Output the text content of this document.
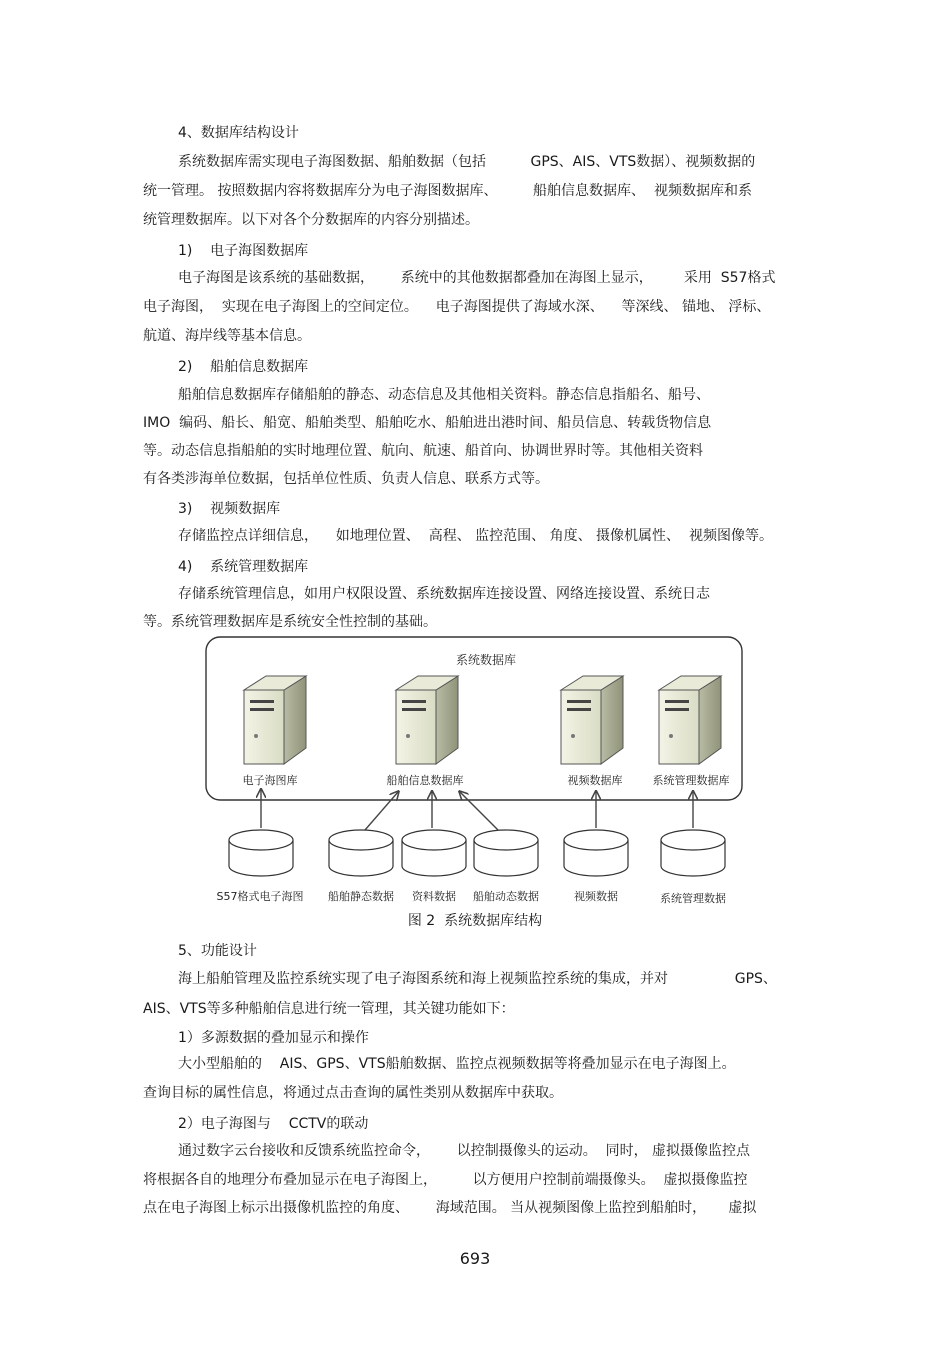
4、数据库结构设计
系统数据库需实现电子海图数据、船舶数据（包括          GPS、AIS、VTS数据）、视频数据的
统一管理。 按照数据内容将数据库分为电子海图数据库、        船舶信息数据库、  视频数据库和系
统管理数据库。以下对各个分数据库的内容分别描述。
1)    电子海图数据库
电子海图是该系统的基础数据，      系统中的其他数据都叠加在海图上显示，       采用  S57格式
电子海图，  实现在电子海图上的空间定位。    电子海图提供了海域水深、    等深线、 锚地、 浮标、
航道、海岸线等基本信息。
2)    船舶信息数据库
船舶信息数据库存储船舶的静态、动态信息及其他相关资料。静态信息指船名、船号、
IMO  编码、船长、船宽、船舶类型、船舶吃水、船舶进出港时间、船员信息、转载货物信息
等。动态信息指船舶的实时地理位置、航向、航速、船首向、协调世界时等。其他相关资料
有各类涉海单位数据，包括单位性质、负责人信息、联系方式等。
3)    视频数据库
存储监控点详细信息，    如地理位置、  高程、 监控范围、 角度、 摄像机属性、  视频图像等。
4)    系统管理数据库
存储系统管理信息，如用户权限设置、系统数据库连接设置、网络连接设置、系统日志
等。系统管理数据库是系统安全性控制的基础。
系统数据库
电子海图库	船舶信息数据库	视频数据库	系统管理数据库
S57格式电子海图 船舶静态数据 资料数据 船舶动态数据	视频数据	系统管理数据
图 2  系统数据库结构
5、功能设计
海上船舶管理及监控系统实现了电子海图系统和海上视频监控系统的集成，并对               GPS、
AIS、VTS等多种船舶信息进行统一管理，其关键功能如下：
1）多源数据的叠加显示和操作
大小型船舶的    AIS、GPS、VTS船舶数据、监控点视频数据等将叠加显示在电子海图上。
查询目标的属性信息，将通过点击查询的属性类别从数据库中获取。
2）电子海图与    CCTV的联动
通过数字云台接收和反馈系统监控命令，      以控制摄像头的运动。  同时， 虚拟摄像监控点
将根据各自的地理分布叠加显示在电子海图上，        以方便用户控制前端摄像头。  虚拟摄像监控
点在电子海图上标示出摄像机监控的角度、      海域范围。 当从视频图像上监控到船舶时，     虚拟
693
